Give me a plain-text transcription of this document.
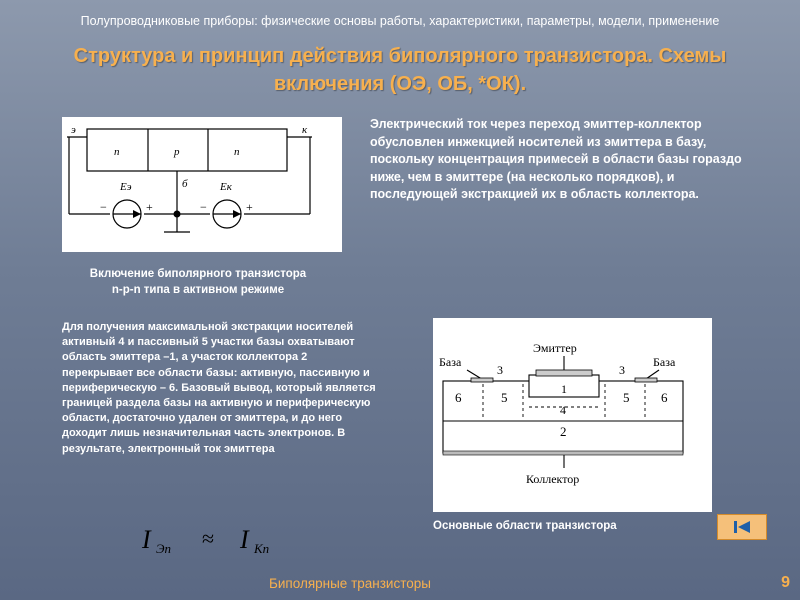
Полупроводниковые приборы: физические основы работы, характеристики, параметры, модели, применение
Структура и принцип действия биполярного транзистора. Схемы
включения (ОЭ, ОБ, *ОК).
э	к
n	p	n
б
Eэ	Eк
−	+	−	+
Включение биполярного транзистора
n-p-n типа в активном режиме
Электрический ток через переход эмиттер-коллектор обусловлен инжекцией носителей из эмиттера в базу, поскольку концентрация примесей в области базы гораздо ниже, чем в эмиттере (на несколько порядков), и последующей экстракцией их в область коллектора.
Для получения максимальной экстракции носителей активный 4 и пассивный 5 участки базы охватывают область эмиттера –1, а участок коллектора 2 перекрывает все области базы: активную, пассивную и периферическую – 6. Базовый вывод, который является границей раздела базы на активную и периферическую области, достаточно удален от эмиттера, и до него доходит лишь незначительная часть электронов. В результате, электронный ток эмиттера
I Эn ≈ I Кn
Эмиттер
База	База
Коллектор
1
2
3	3
4
5	5
6	6
Основные области транзистора
Биполярные транзисторы	9
